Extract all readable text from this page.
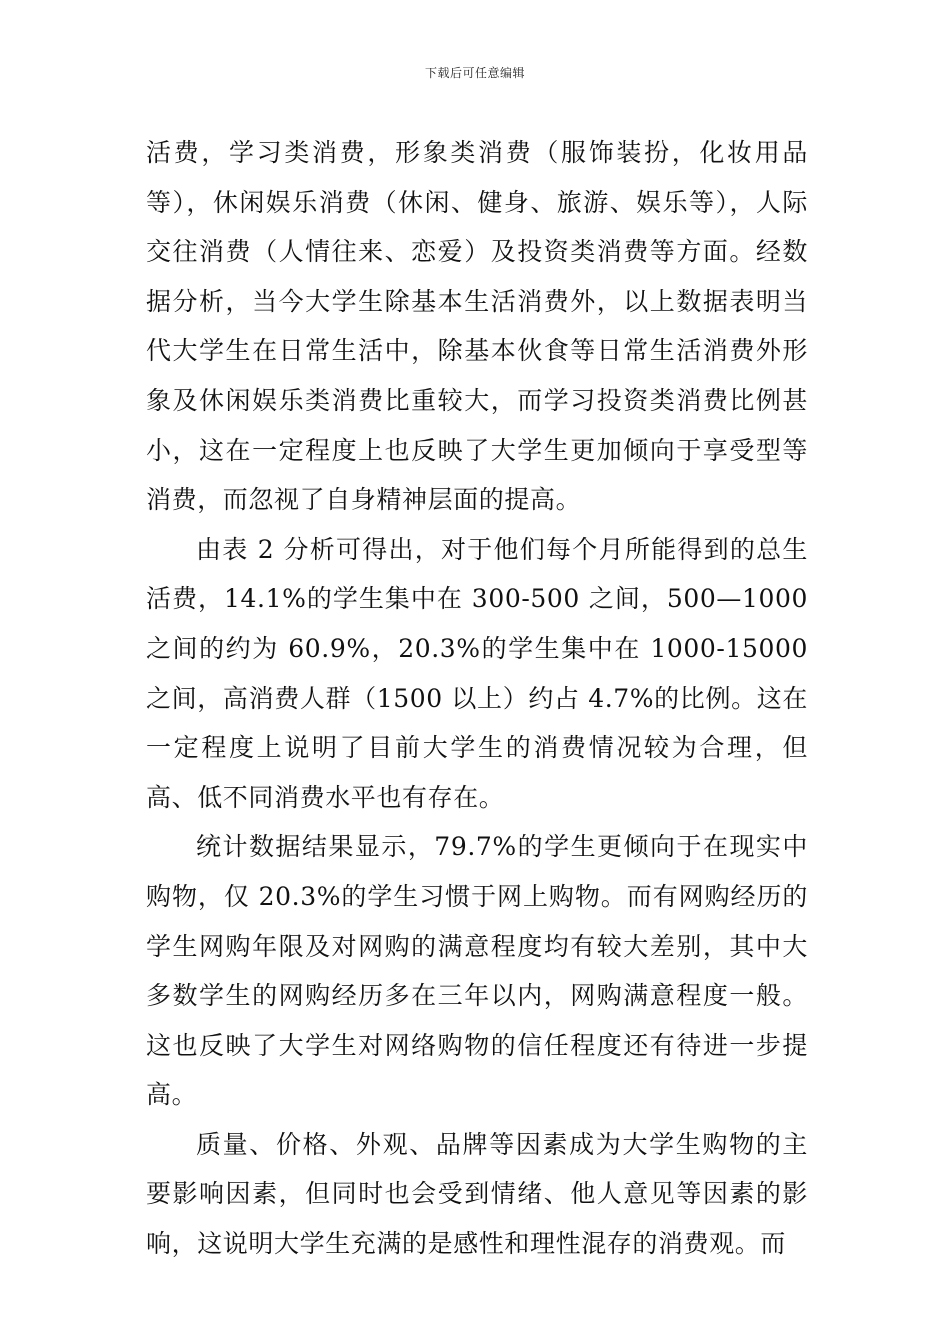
下载后可任意编辑

活费，学习类消费，形象类消费（服饰装扮，化妆用品等），休闲娱乐消费（休闲、健身、旅游、娱乐等），人际交往消费（人情往来、恋爱）及投资类消费等方面。经数据分析，当今大学生除基本生活消费外，以上数据表明当代大学生在日常生活中，除基本伙食等日常生活消费外形象及休闲娱乐类消费比重较大，而学习投资类消费比例甚小，这在一定程度上也反映了大学生更加倾向于享受型等消费，而忽视了自身精神层面的提高。

由表 2 分析可得出，对于他们每个月所能得到的总生活费，14.1%的学生集中在 300-500 之间，500—1000 之间的约为 60.9%，20.3%的学生集中在 1000-15000 之间，高消费人群（1500 以上）约占 4.7%的比例。这在一定程度上说明了目前大学生的消费情况较为合理，但高、低不同消费水平也有存在。

统计数据结果显示，79.7%的学生更倾向于在现实中购物，仅 20.3%的学生习惯于网上购物。而有网购经历的学生网购年限及对网购的满意程度均有较大差别，其中大多数学生的网购经历多在三年以内，网购满意程度一般。这也反映了大学生对网络购物的信任程度还有待进一步提高。

质量、价格、外观、品牌等因素成为大学生购物的主要影响因素，但同时也会受到情绪、他人意见等因素的影响，这说明大学生充满的是感性和理性混存的消费观。而
